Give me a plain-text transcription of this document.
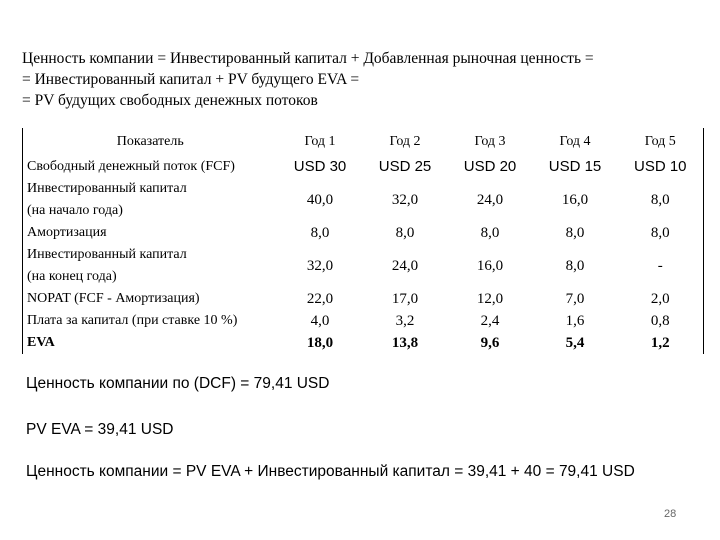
Ценность компании = Инвестированный капитал + Добавленная рыночная ценность =
= Инвестированный капитал + PV будущего EVA =
= PV будущих свободных денежных потоков
Показатель	Год 1	Год 2	Год 3	Год 4	Год 5
Свободный денежный поток (FCF)	USD 30	USD 25	USD 20	USD 15	USD 10

Инвестированный капитал
(на начало года)	40,0	32,0	24,0	16,0	8,0
Амортизация	8,0	8,0	8,0	8,0	8,0

Инвестированный капитал
(на конец года)	32,0	24,0	16,0	8,0	-
NOPAT (FCF - Амортизация)	22,0	17,0	12,0	7,0	2,0
Плата за капитал (при ставке 10 %)	4,0	3,2	2,4	1,6	0,8
EVA	18,0	13,8	9,6	5,4	1,2
Ценность компании по (DCF) = 79,41 USD
PV EVA = 39,41 USD
Ценность компании = PV EVA + Инвестированный капитал = 39,41 + 40 = 79,41 USD
28
